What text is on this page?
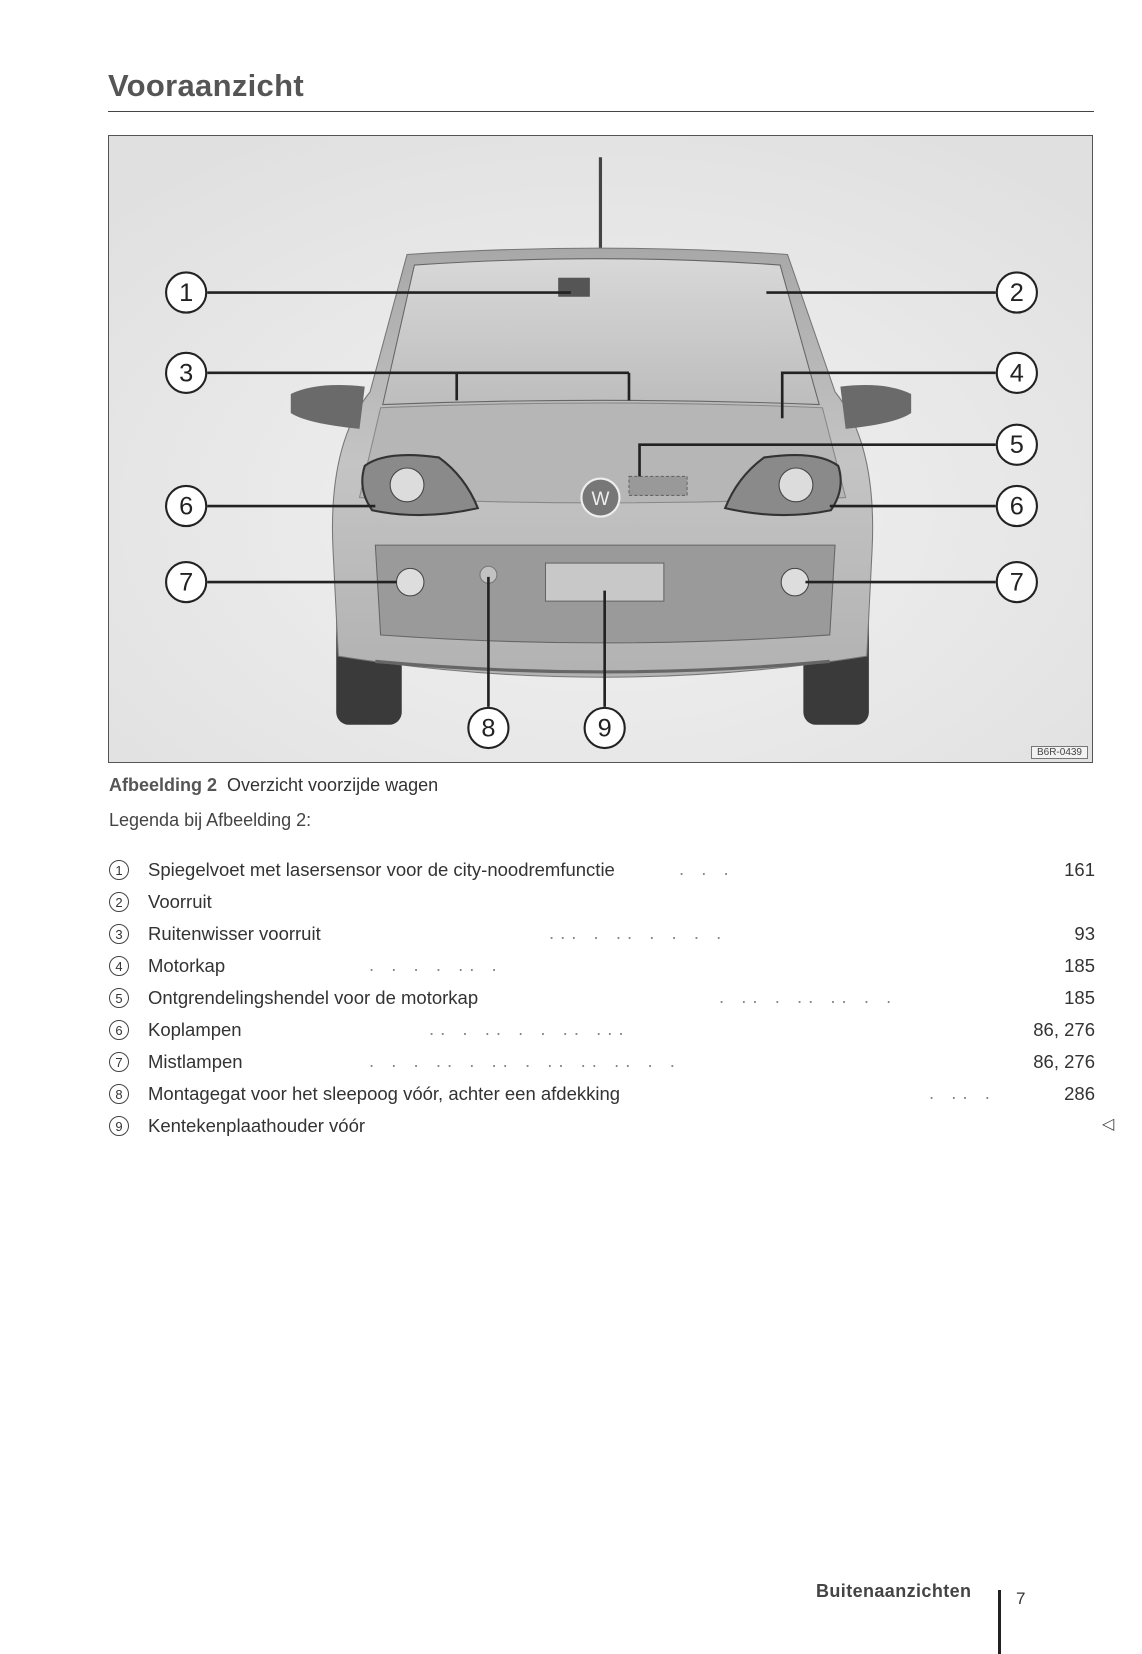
Vooraanzicht
W
1	2
3	4
5
6	6
7	7
8	9
B6R-0439
Afbeelding 2 Overzicht voorzijde wagen
Legenda bij Afbeelding 2:
1	Spiegelvoet met lasersensor voor de city-noodremfunctie	. . .	161
2	Voorruit
3	Ruitenwisser voorruit	... . .. . . . .	93
4	Motorkap	. . . . .. .	185
5	Ontgrendelingshendel voor de motorkap	. .. . .. .. . .	185
6	Koplampen	.. . .. . . .. ...	86, 276
7	Mistlampen	. . . .. . .. . .. .. .. . .	86, 276
8	Montagegat voor het sleepoog vóór, achter een afdekking	. .. .	286
9	Kentekenplaathouder vóór	◁
Buitenaanzichten	7
